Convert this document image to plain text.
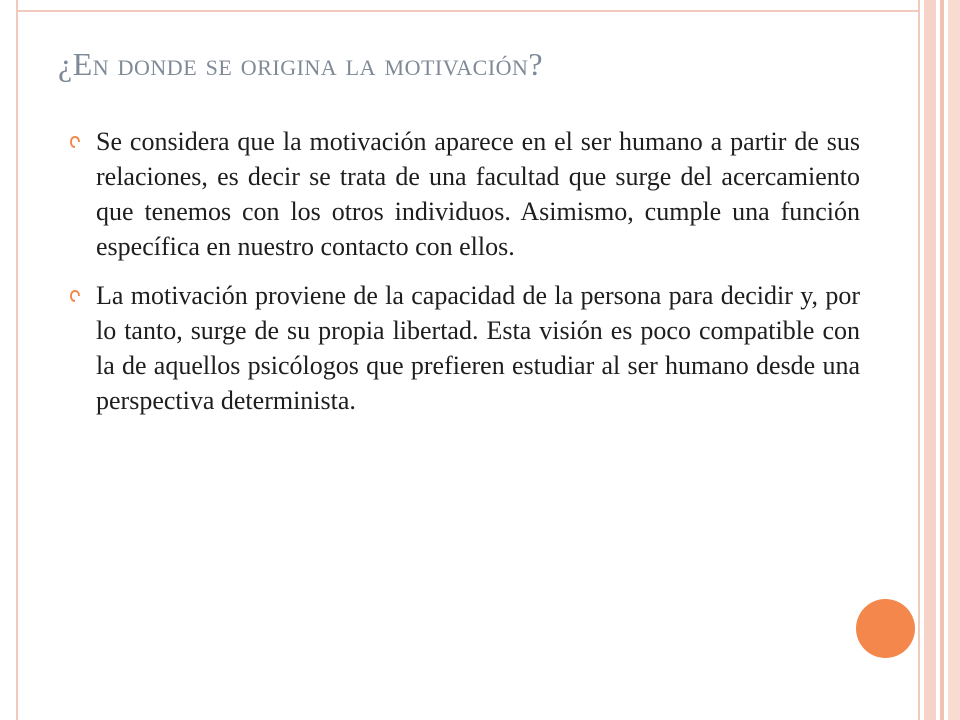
¿En donde se origina la motivación?
Se considera que la motivación aparece en el ser humano a partir de sus relaciones, es decir se trata de una facultad que surge del acercamiento que tenemos con los otros individuos. Asimismo, cumple una función específica en nuestro contacto con ellos.
La motivación proviene de la capacidad de la persona para decidir y, por lo tanto, surge de su propia libertad. Esta visión es poco compatible con la de aquellos psicólogos que prefieren estudiar al ser humano desde una perspectiva determinista.
